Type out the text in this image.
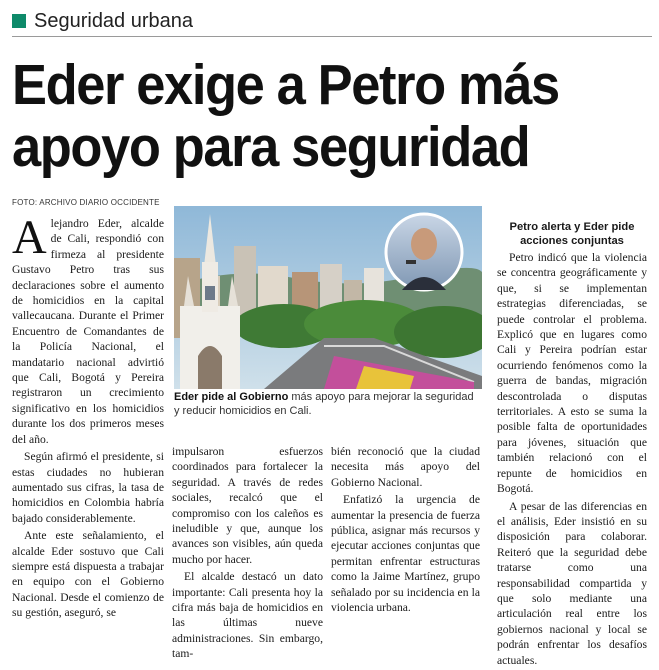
Seguridad urbana
Eder exige a Petro más
apoyo para seguridad
FOTO: ARCHIVO DIARIO OCCIDENTE

Alejandro Eder, alcalde de Cali, respondió con firmeza al presidente Gustavo Petro tras sus declaraciones sobre el aumento de homicidios en la capital vallecaucana. Durante el Primer Encuentro de Comandantes de la Policía Nacional, el mandatario nacional advirtió que Cali, Bogotá y Pereira registraron un crecimiento significativo en los homicidios durante los dos primeros meses del año.

Según afirmó el presidente, si estas ciudades no hubieran aumentado sus cifras, la tasa de homicidios en Colombia habría bajado considerablemente.

Ante este señalamiento, el alcalde Eder sostuvo que Cali siempre está dispuesta a trabajar en equipo con el Gobierno Nacional. Desde el comienzo de su gestión, aseguró, se

Eder pide al Gobierno más apoyo para mejorar la seguridad y reducir homicidios en Cali.

impulsaron esfuerzos coordinados para fortalecer la seguridad. A través de redes sociales, recalcó que el compromiso con los caleños es ineludible y que, aunque los avances son visibles, aún queda mucho por hacer.

El alcalde destacó un dato importante: Cali presenta hoy la cifra más baja de homicidios en las últimas nueve administraciones. Sin embargo, tam-

bién reconoció que la ciudad necesita más apoyo del Gobierno Nacional.

Enfatizó la urgencia de aumentar la presencia de fuerza pública, asignar más recursos y ejecutar acciones conjuntas que permitan enfrentar estructuras como la Jaime Martínez, grupo señalado por su incidencia en la violencia urbana.

Petro alerta y Eder pide acciones conjuntas

Petro indicó que la violencia se concentra geográficamente y que, si se implementan estrategias diferenciadas, se puede controlar el problema. Explicó que en lugares como Cali y Pereira podrían estar ocurriendo fenómenos como la guerra de bandas, migración descontrolada o disputas territoriales. A esto se suma la posible falta de oportunidades para jóvenes, situación que también relacionó con el repunte de homicidios en Bogotá.

A pesar de las diferencias en el análisis, Eder insistió en su disposición para colaborar. Reiteró que la seguridad debe tratarse como una responsabilidad compartida y que solo mediante una articulación real entre los gobiernos nacional y local se podrán enfrentar los desafíos actuales.
